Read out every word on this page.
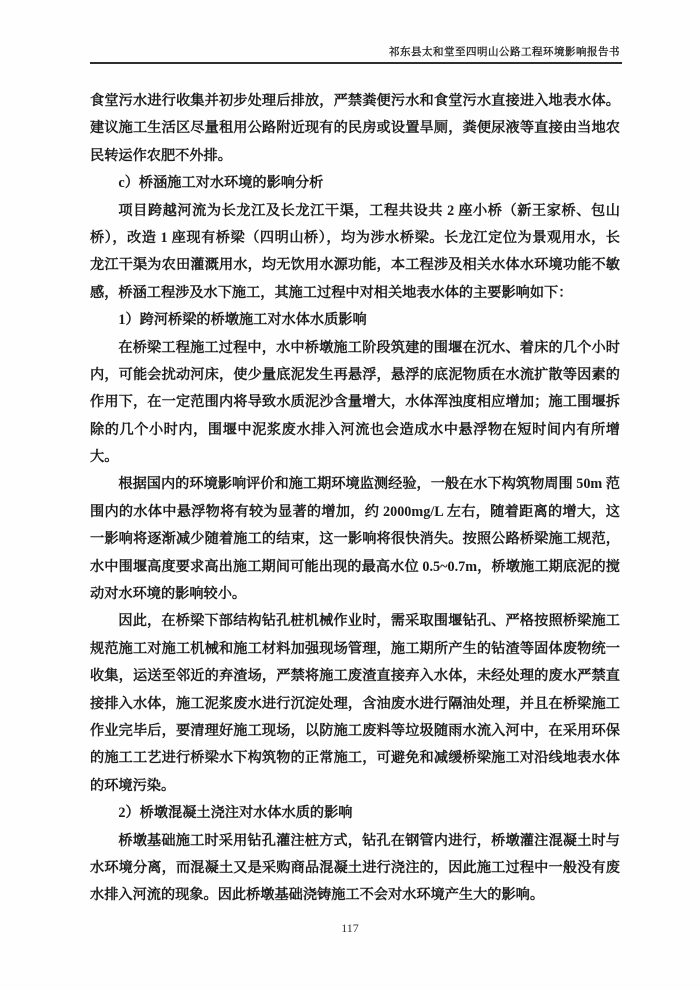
祁东县太和堂至四明山公路工程环境影响报告书
食堂污水进行收集并初步处理后排放，严禁粪便污水和食堂污水直接进入地表水体。
建议施工生活区尽量租用公路附近现有的民房或设置旱厕，粪便尿液等直接由当地农
民转运作农肥不外排。
c）桥涵施工对水环境的影响分析
项目跨越河流为长龙江及长龙江干渠，工程共设共 2 座小桥（新王家桥、包山
桥），改造 1 座现有桥梁（四明山桥），均为涉水桥梁。长龙江定位为景观用水，长
龙江干渠为农田灌溉用水，均无饮用水源功能，本工程涉及相关水体水环境功能不敏
感，桥涵工程涉及水下施工，其施工过程中对相关地表水体的主要影响如下：
1）跨河桥梁的桥墩施工对水体水质影响
在桥梁工程施工过程中，水中桥墩施工阶段筑建的围堰在沉水、着床的几个小时
内，可能会扰动河床，使少量底泥发生再悬浮，悬浮的底泥物质在水流扩散等因素的
作用下，在一定范围内将导致水质泥沙含量增大，水体浑浊度相应增加；施工围堰拆
除的几个小时内，围堰中泥浆废水排入河流也会造成水中悬浮物在短时间内有所增
大。
根据国内的环境影响评价和施工期环境监测经验，一般在水下构筑物周围 50m 范
围内的水体中悬浮物将有较为显著的增加，约 2000mg/L 左右，随着距离的增大，这
一影响将逐渐减少随着施工的结束，这一影响将很快消失。按照公路桥梁施工规范，
水中围堰高度要求高出施工期间可能出现的最高水位 0.5~0.7m，桥墩施工期底泥的搅
动对水环境的影响较小。
因此，在桥梁下部结构钻孔桩机械作业时，需采取围堰钻孔、严格按照桥梁施工
规范施工对施工机械和施工材料加强现场管理，施工期所产生的钻渣等固体废物统一
收集，运送至邻近的弃渣场，严禁将施工废渣直接弃入水体，未经处理的废水严禁直
接排入水体，施工泥浆废水进行沉淀处理，含油废水进行隔油处理，并且在桥梁施工
作业完毕后，要清理好施工现场，以防施工废料等垃圾随雨水流入河中，在采用环保
的施工工艺进行桥梁水下构筑物的正常施工，可避免和减缓桥梁施工对沿线地表水体
的环境污染。
2）桥墩混凝土浇注对水体水质的影响
桥墩基础施工时采用钻孔灌注桩方式，钻孔在钢管内进行，桥墩灌注混凝土时与
水环境分离，而混凝土又是采购商品混凝土进行浇注的，因此施工过程中一般没有废
水排入河流的现象。因此桥墩基础浇铸施工不会对水环境产生大的影响。
117
